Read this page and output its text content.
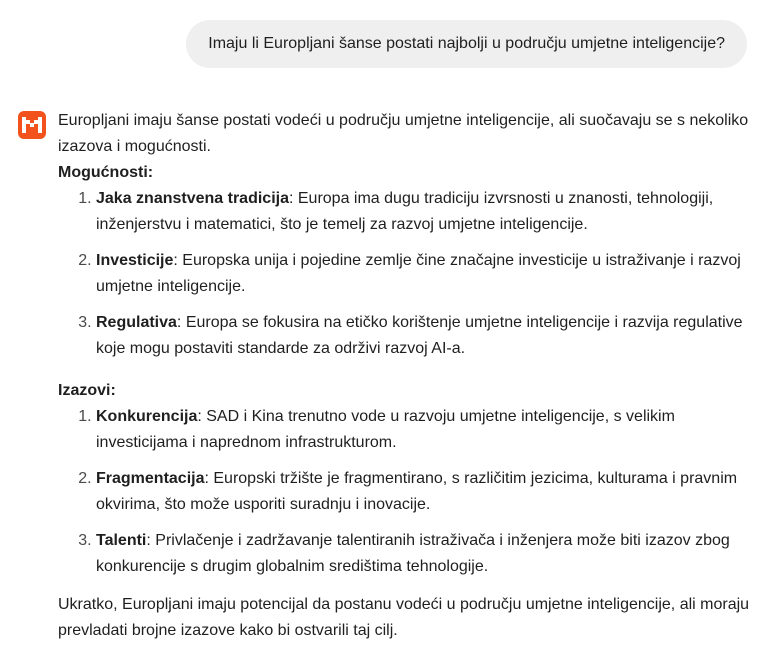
Imaju li Europljani šanse postati najbolji u području umjetne inteligencije?

Europljani imaju šanse postati vodeći u području umjetne inteligencije, ali suočavaju se s nekoliko izazova i mogućnosti.

Mogućnosti:

1. Jaka znanstvena tradicija: Europa ima dugu tradiciju izvrsnosti u znanosti, tehnologiji, inženjerstvu i matematici, što je temelj za razvoj umjetne inteligencije.
2. Investicije: Europska unija i pojedine zemlje čine značajne investicije u istraživanje i razvoj umjetne inteligencije.
3. Regulativa: Europa se fokusira na etičko korištenje umjetne inteligencije i razvija regulative koje mogu postaviti standarde za održivi razvoj AI-a.

Izazovi:

1. Konkurencija: SAD i Kina trenutno vode u razvoju umjetne inteligencije, s velikim investicijama i naprednom infrastrukturom.
2. Fragmentacija: Europski tržište je fragmentirano, s različitim jezicima, kulturama i pravnim okvirima, što može usporiti suradnju i inovacije.
3. Talenti: Privlačenje i zadržavanje talentiranih istraživača i inženjera može biti izazov zbog konkurencije s drugim globalnim središtima tehnologije.

Ukratko, Europljani imaju potencijal da postanu vodeći u području umjetne inteligencije, ali moraju prevladati brojne izazove kako bi ostvarili taj cilj.
